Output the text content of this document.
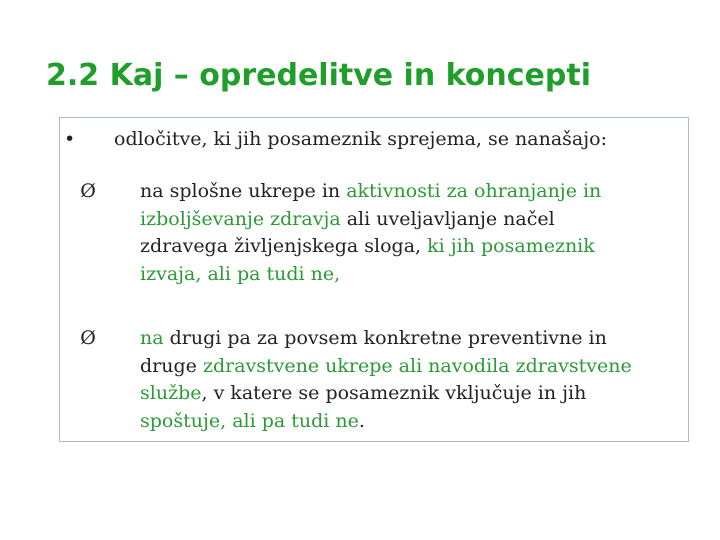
2.2 Kaj – opredelitve in koncepti
• odločitve, ki jih posameznik sprejema, se nanašajo:
Ø na splošne ukrepe in aktivnosti za ohranjanje in
izboljševanje zdravja ali uveljavljanje načel
zdravega življenjskega sloga, ki jih posameznik
izvaja, ali pa tudi ne,
Ø na drugi pa za povsem konkretne preventivne in
druge zdravstvene ukrepe ali navodila zdravstvene
službe, v katere se posameznik vključuje in jih
spoštuje, ali pa tudi ne.
